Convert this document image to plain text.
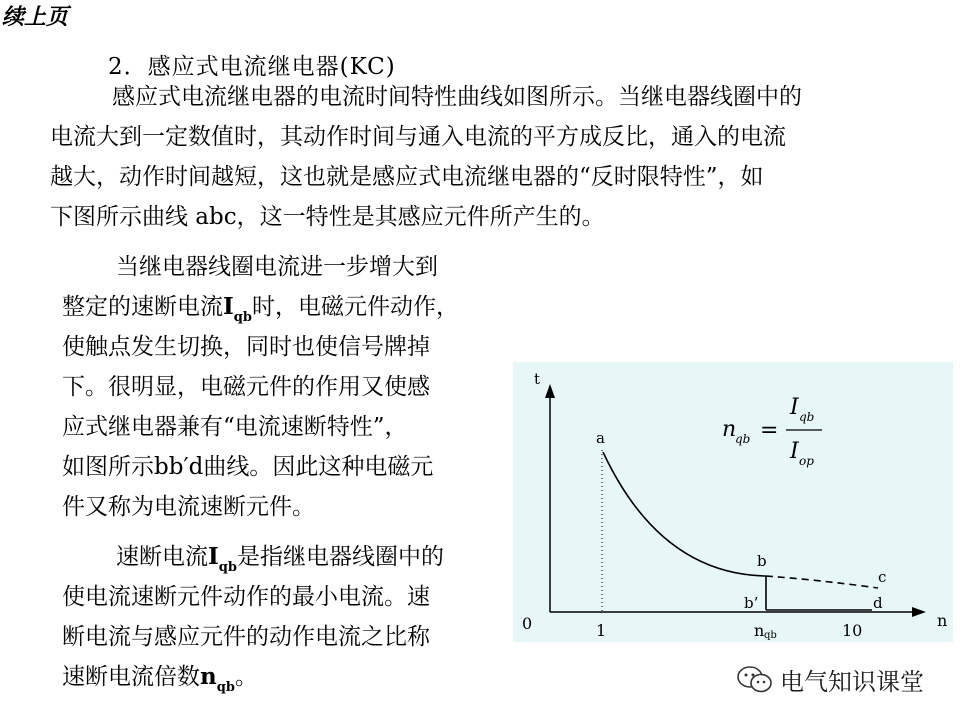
续上页
2．感应式电流继电器(KC)
感应式电流继电器的电流时间特性曲线如图所示。当继电器线圈中的
电流大到一定数值时，其动作时间与通入电流的平方成反比，通入的电流
越大，动作时间越短，这也就是感应式电流继电器的“反时限特性”，如
下图所示曲线 abc，这一特性是其感应元件所产生的。
当继电器线圈电流进一步增大到
整定的速断电流$I_{qb}$时，电磁元件动作，
使触点发生切换，同时也使信号牌掉
下。很明显，电磁元件的作用又使感
应式继电器兼有“电流速断特性”，
如图所示bb′d曲线。因此这种电磁元
件又称为电流速断元件。
速断电流$I_{qb}$是指继电器线圈中的
使电流速断元件动作的最小电流。速
断电流与感应元件的动作电流之比称
速断电流倍数$n_{qb}$。
t
n
0
a
b
b’
c
d
1	n qb	10
n
qb =
I qb
I op
电气知识课堂
